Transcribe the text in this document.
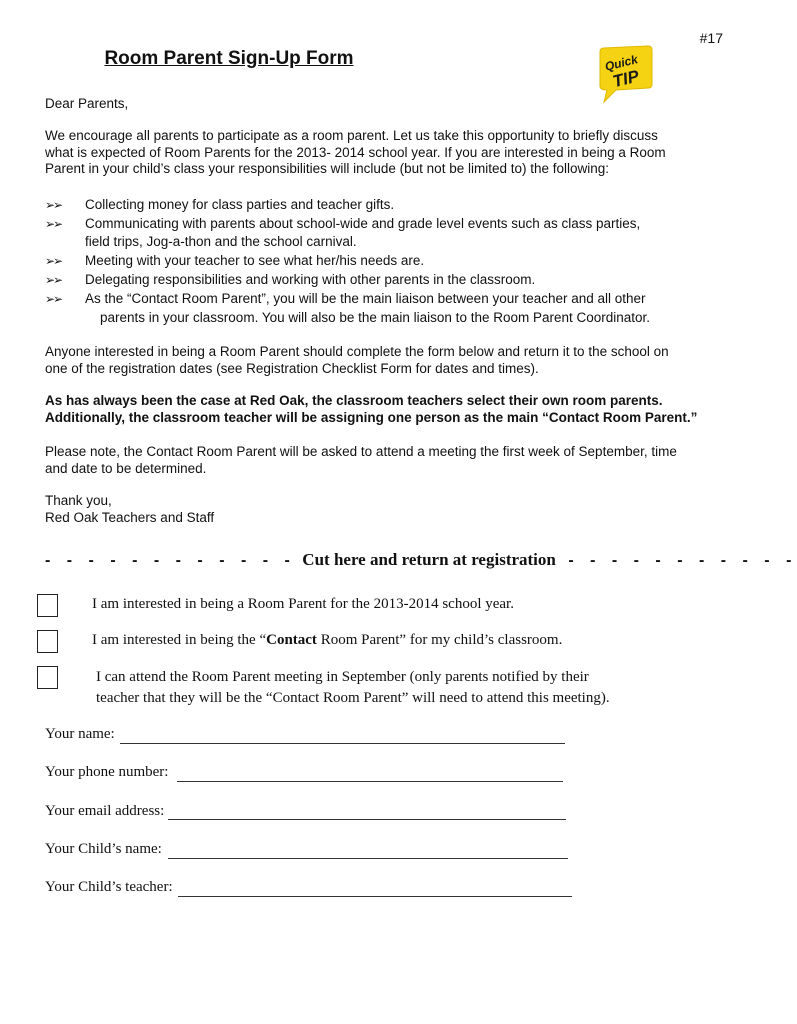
#17
Room Parent Sign-Up Form	Quick
TIP
Dear Parents,
We encourage all parents to participate as a room parent. Let us take this opportunity to briefly discuss
what is expected of Room Parents for the 2013- 2014 school year. If you are interested in being a Room
Parent in your child’s class your responsibilities will include (but not be limited to) the following:
➢➢ Collecting money for class parties and teacher gifts.
➢➢ Communicating with parents about school-wide and grade level events such as class parties,
field trips, Jog-a-thon and the school carnival.
➢➢ Meeting with your teacher to see what her/his needs are.
➢➢ Delegating responsibilities and working with other parents in the classroom.
➢➢ As the “Contact Room Parent”, you will be the main liaison between your teacher and all other
parents in your classroom. You will also be the main liaison to the Room Parent Coordinator.
Anyone interested in being a Room Parent should complete the form below and return it to the school on
one of the registration dates (see Registration Checklist Form for dates and times).
As has always been the case at Red Oak, the classroom teachers select their own room parents.
Additionally, the classroom teacher will be assigning one person as the main “Contact Room Parent.”
Please note, the Contact Room Parent will be asked to attend a meeting the first week of September, time
and date to be determined.
Thank you,
Red Oak Teachers and Staff
- - - - - - - - - - - - Cut here and return at registration - - - - - - - - - - -
I am interested in being a Room Parent for the 2013-2014 school year.
I am interested in being the “Contact Room Parent” for my child’s classroom.
I can attend the Room Parent meeting in September (only parents notified by their
teacher that they will be the “Contact Room Parent” will need to attend this meeting).
Your name:
Your phone number:
Your email address:
Your Child’s name:
Your Child’s teacher:
